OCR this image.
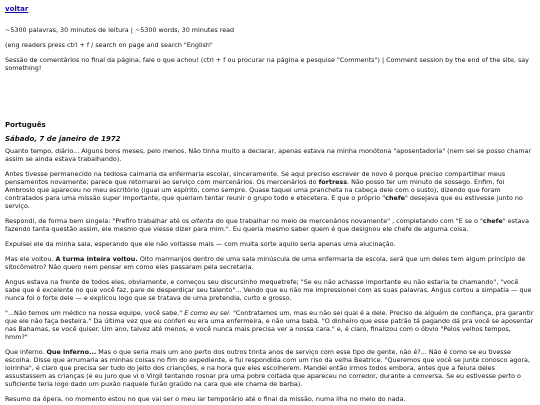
voltar

~5300 palavras, 30 minutos de leitura | ~5300 words, 30 minutes read

(eng readers press ctrl + f / search on page and search "English"

Sessão de comentários no final da página, fale o que achou! (ctrl + f ou procurar na página e pesquise "Comments") | Comment session by the end of the site, say something!

Português
Sábado, 7 de janeiro de 1972

Quanto tempo, diário... Alguns bons meses, pelo menos. Não tinha muito a declarar, apenas estava na minha monótona "aposentadoria" (nem sei se posso chamar assim se ainda estava trabalhando).

Antes tivesse permanecido na tediosa calmaria da enfermaria escolar, sinceramente. Se aqui preciso escrever de novo é porque preciso compartilhar meus pensamentos novamente; parece que retornarei ao serviço com mercenários. Os mercenários do fortress. Não posso ter um minuto de sossego. Enfim, foi Ambrosio que apareceu no meu escritório (igual um espírito, como sempre. Quase taquei uma prancheta na cabeça dele com o susto), dizendo que foram contratados para uma missão super importante, que queriam tentar reunir o grupo todo e etecetera. E que o próprio "chefe" desejava que eu estivesse junto no serviço.

Respondi, de forma bem singela: "Prefiro trabalhar até os oitenta do que trabalhar no meio de mercenários novamente" , completando com "E se o "chefe" estava fazendo tanta questão assim, ele mesmo que viesse dizer para mim.". Eu queria mesmo saber quem é que designou ele chefe de alguma coisa.

Expulsei ele da minha sala, esperando que ele não voltasse mais — com muita sorte aquilo seria apenas uma alucinação.

Mas ele voltou. A turma inteira voltou. Oito marmanjos dentro de uma sala minúscula de uma enfermaria de escola, será que um deles tem algum princípio de sitocômetro? Não quero nem pensar em como eles passaram pela secretaria.

Angus estava na frente de todos eles, obviamente, e começou seu discursinho mequetrefe; "Se eu não achasse importante eu não estaria te chamando", "você sabe que é excelente no que você faz, pare de desperdiçar seu talento"... Vendo que eu não me impressionei com as suas palavras, Angus cortou a simpatia — que nunca foi o forte dele — e explicou logo que se tratava de uma pretendia, curto e grosso.

"...Não temos um médico na nossa equipe, você sabe." E como eu sei. "Contratamos um, mas eu não sei qual é a dele. Preciso de alguém de confiança, pra garantir que ele não faça besteira." Da última vez que eu conferi eu era uma enfermeira, e não uma babá. "O dinheiro que esse patrão tá pagando dá pra você se aposentar nas Bahamas, se você quiser. Um ano, talvez até menos, e você nunca mais precisa ver a nossa cara." e, é claro, finalizou com o óbvio "Pelos velhos tempos, hmm?"

Que inferno. Que inferno... Mas o que seria mais um ano perto dos outros trinta anos de serviço com esse tipo de gente, não é?... Não é como se eu tivesse escolha. Disse que arrumaria as minhas coisas no fim do expediente, e fui respondida com um riso da velha Beatrice. "Queremos que você se junte conosco agora, loirinha", é claro que precisa ser tudo do jeito dos crianções, e na hora que eles escolherem. Mandei então irmos todos embora, antes que a feiura deles assustassem as crianças (e eu juro que vi o Virgil tentando rosnar pra uma pobre coitada que apareceu no corredor, durante a conversa. Se eu estivesse perto o suficiente teria logo dado um puxão naquele furão graúdo na cara que ele chama de barba).

Resumo da ópera, no momento estou no que vai ser o meu lar temporário até o final da missão, numa ilha no meio do nada.
